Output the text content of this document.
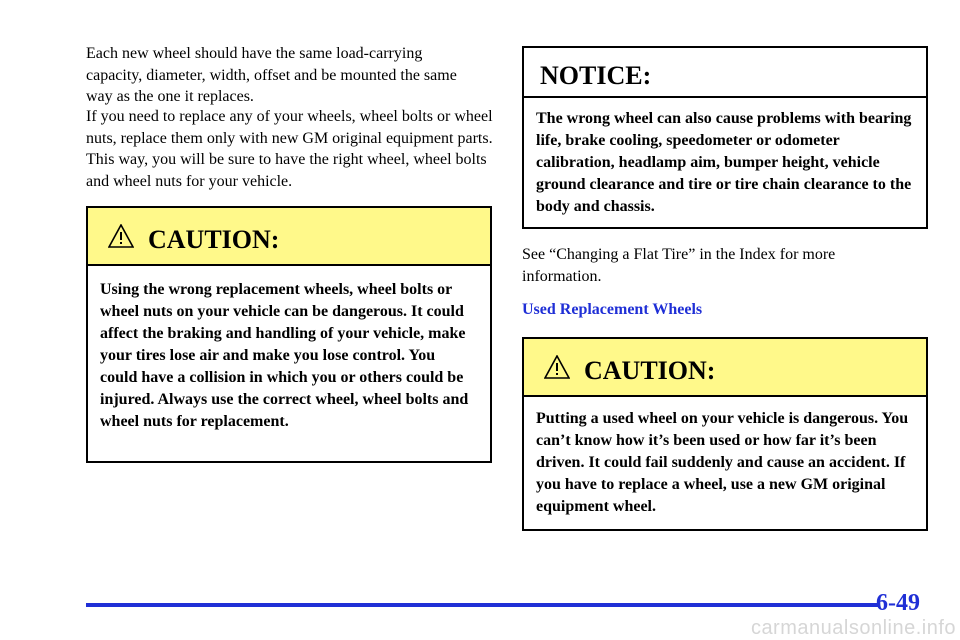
Each new wheel should have the same load-carrying capacity, diameter, width, offset and be mounted the same way as the one it replaces.

If you need to replace any of your wheels, wheel bolts or wheel nuts, replace them only with new GM original equipment parts. This way, you will be sure to have the right wheel, wheel bolts and wheel nuts for your vehicle.

CAUTION:

Using the wrong replacement wheels, wheel bolts or wheel nuts on your vehicle can be dangerous. It could affect the braking and handling of your vehicle, make your tires lose air and make you lose control. You could have a collision in which you or others could be injured. Always use the correct wheel, wheel bolts and wheel nuts for replacement.

NOTICE:

The wrong wheel can also cause problems with bearing life, brake cooling, speedometer or odometer calibration, headlamp aim, bumper height, vehicle ground clearance and tire or tire chain clearance to the body and chassis.

See “Changing a Flat Tire” in the Index for more information.

Used Replacement Wheels

CAUTION:

Putting a used wheel on your vehicle is dangerous. You can’t know how it’s been used or how far it’s been driven. It could fail suddenly and cause an accident. If you have to replace a wheel, use a new GM original equipment wheel.

6-49
carmanualsonline.info
